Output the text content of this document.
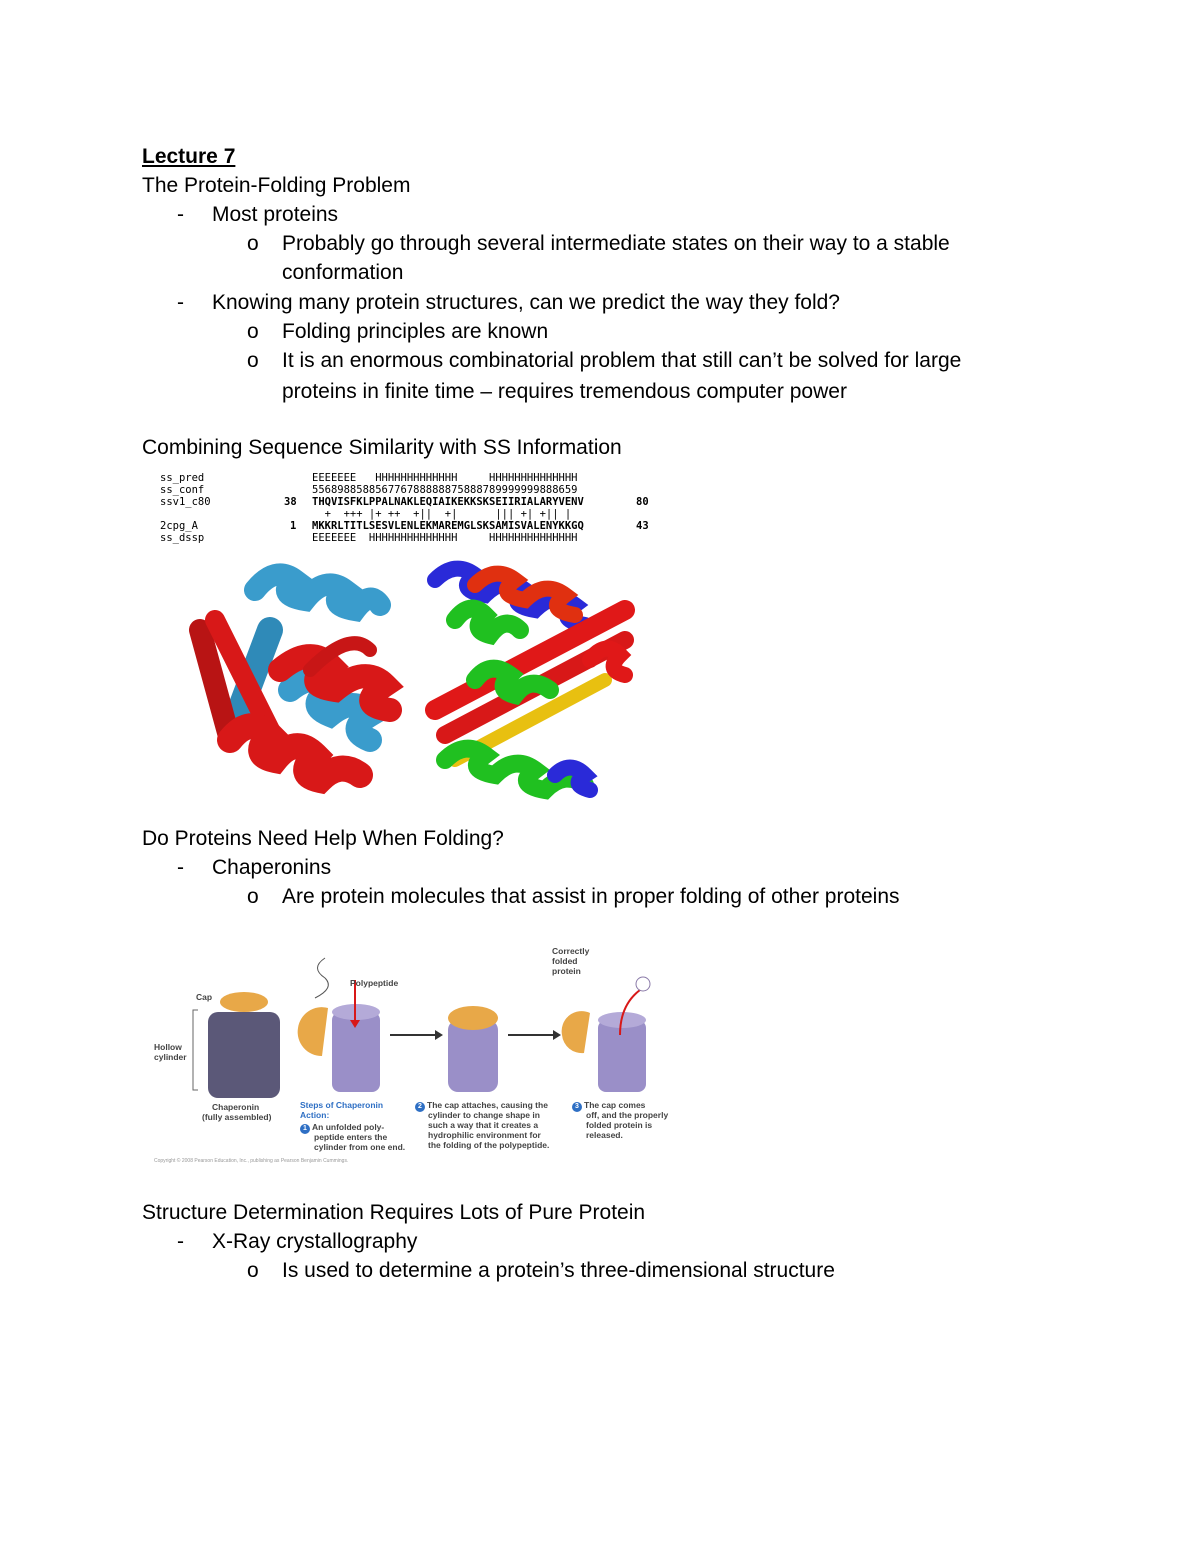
Lecture 7
The Protein-Folding Problem
- Most proteins
o Probably go through several intermediate states on their way to a stable
conformation
- Knowing many protein structures, can we predict the way they fold?
o Folding principles are known
o It is an enormous combinatorial problem that still can’t be solved for large
proteins in finite time – requires tremendous computer power
Combining Sequence Similarity with SS Information
ss_pred
ss_conf
ssv1_c80
2cpg_A
ss_dssp
38
1
EEEEEEE   HHHHHHHHHHHHH     HHHHHHHHHHHHHH
556898858856776788888875888789999999888659
THQVISFKLPPALNAKLEQIAIKEKKSKSEIIRIALARYVENV
+  +++ |+ ++  +||  +|      ||| +| +|| |
MKKRLTITLSESVLENLEKMAREMGLSKSAMISVALENYKKGQ
EEEEEEE  HHHHHHHHHHHHHH     HHHHHHHHHHHHHH
80
43
Do Proteins Need Help When Folding?
- Chaperonins
o Are protein molecules that assist in proper folding of other proteins
Cap
Hollow
cylinder
Chaperonin
(fully assembled)
Polypeptide
Correctly
folded
protein
Steps of Chaperonin
Action:
1 An unfolded poly-
peptide enters the
cylinder from one end.
2 The cap attaches, causing the
cylinder to change shape in
such a way that it creates a
hydrophilic environment for
the folding of the polypeptide.
3 The cap comes
off, and the properly
folded protein is
released.
Copyright © 2008 Pearson Education, Inc., publishing as Pearson Benjamin Cummings.
Structure Determination Requires Lots of Pure Protein
- X-Ray crystallography
o Is used to determine a protein’s three-dimensional structure
